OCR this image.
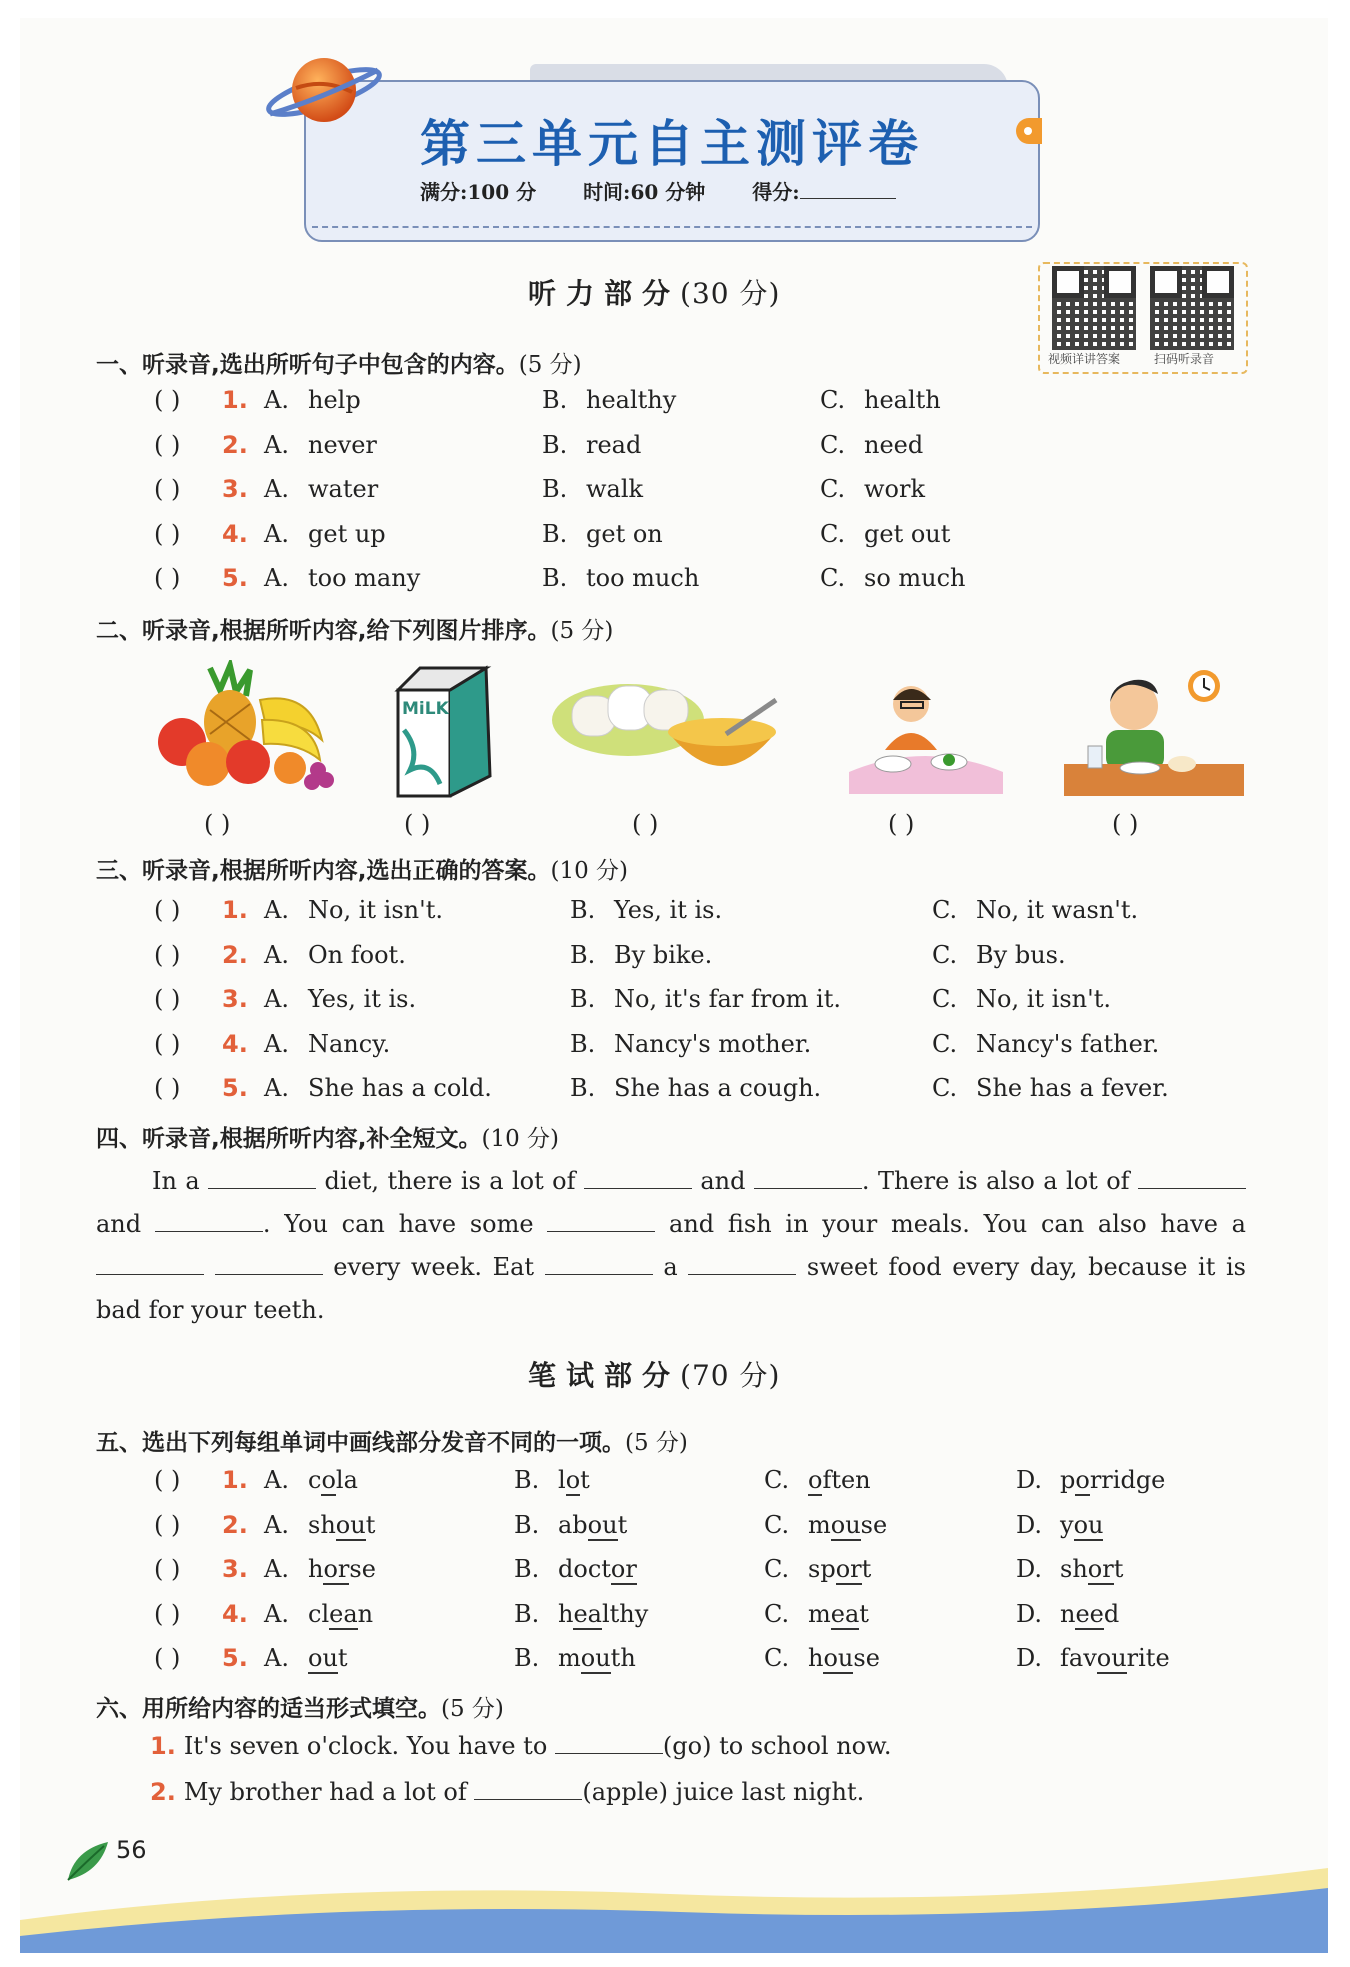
第三单元自主测评卷
满分:100 分 时间:60 分钟 得分:
视频详讲答案	扫码听录音
听力部分(30 分)
一、听录音,选出所听句子中包含的内容。(5 分)
( ) 1. A. help	B. healthy	C. health
( ) 2. A. never	B. read	C. need
( ) 3. A. water	B. walk	C. work
( ) 4. A. get up	B. get on	C. get out
( ) 5. A. too many	B. too much	C. so much
二、听录音,根据所听内容,给下列图片排序。(5 分)
MiLK
( )	( )	( )	( )	( )
三、听录音,根据所听内容,选出正确的答案。(10 分)
( ) 1. A. No, it isn't.	B. Yes, it is.	C. No, it wasn't.
( ) 2. A. On foot.	B. By bike.	C. By bus.
( ) 3. A. Yes, it is.	B. No, it's far from it.	C. No, it isn't.
( ) 4. A. Nancy.	B. Nancy's mother.	C. Nancy's father.
( ) 5. A. She has a cold.	B. She has a cough.	C. She has a fever.
四、听录音,根据所听内容,补全短文。(10 分)
In a	diet, there is a lot of	and	. There is also a lot of  and	. You can have some	and fish in your meals. You can also have a   every week. Eat	a	sweet food every day, because it is bad for your teeth.
笔试部分(70 分)
五、选出下列每组单词中画线部分发音不同的一项。(5 分)
( ) 1. A. cola	B. lot	C. often	D. porridge
( ) 2. A. shout	B. about	C. mouse	D. you
( ) 3. A. horse	B. doctor	C. sport	D. short
( ) 4. A. clean	B. healthy	C. meat	D. need
( ) 5. A. out	B. mouth	C. house	D. favourite
六、用所给内容的适当形式填空。(5 分)
1. It's seven o'clock. You have to	(go) to school now.
2. My brother had a lot of	(apple) juice last night.
56
